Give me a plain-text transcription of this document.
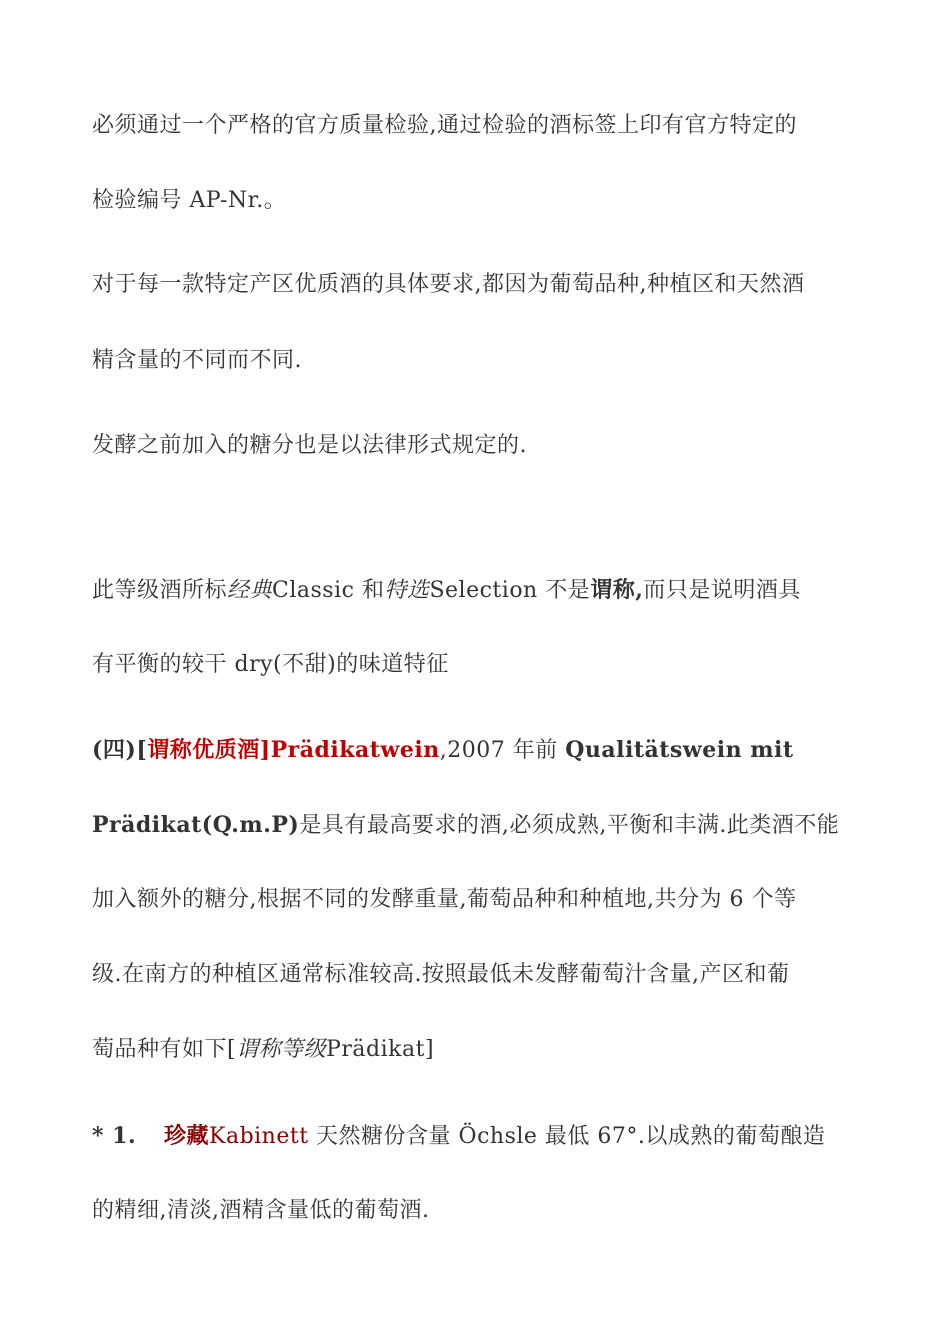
必须通过一个严格的官方质量检验,通过检验的酒标签上印有官方特定的
检验编号 AP-Nr.。
对于每一款特定产区优质酒的具体要求,都因为葡萄品种,种植区和天然酒
精含量的不同而不同.
发酵之前加入的糖分也是以法律形式规定的.
此等级酒所标经典Classic 和特选Selection 不是谓称,而只是说明酒具
有平衡的较干 dry(不甜)的味道特征
(四)[谓称优质酒]Prädikatwein,2007 年前 Qualitätswein mit
Prädikat(Q.m.P)是具有最高要求的酒,必须成熟,平衡和丰满.此类酒不能
加入额外的糖分,根据不同的发酵重量,葡萄品种和种植地,共分为 6 个等
级.在南方的种植区通常标准较高.按照最低未发酵葡萄汁含量,产区和葡
萄品种有如下[谓称等级Prädikat]
* 1. 珍藏Kabinett 天然糖份含量 Öchsle 最低 67°.以成熟的葡萄酿造
的精细,清淡,酒精含量低的葡萄酒.
